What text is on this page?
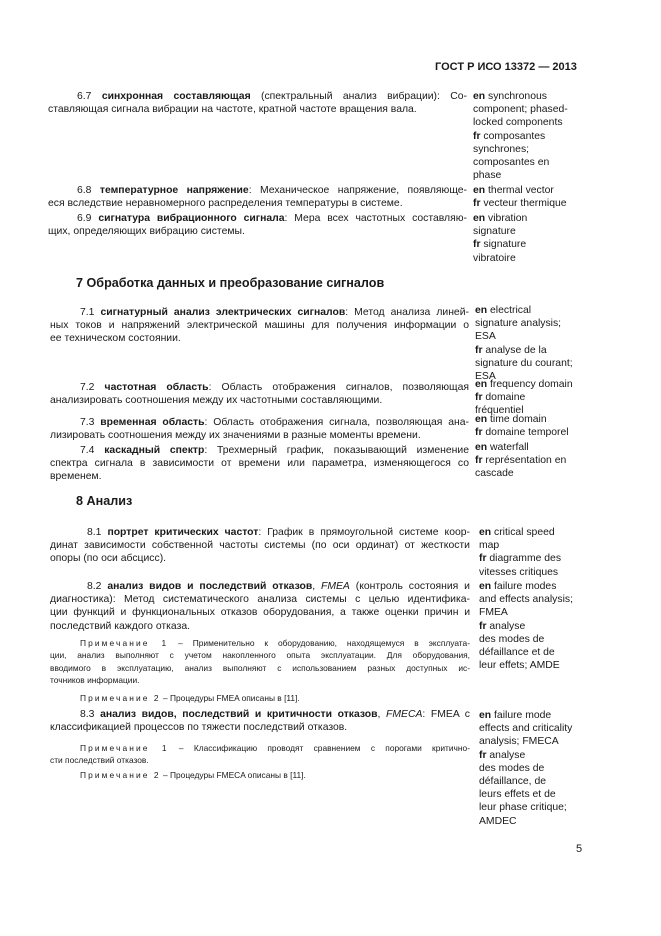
ГОСТ Р ИСО 13372 — 2013
6.7 синхронная составляющая (спектральный анализ вибрации): Со-
ставляющая сигнала вибрации на частоте, кратной частоте вращения вала.
en synchronous
component; phased-
locked components
fr composantes
synchrones;
composantes en
phase
6.8 температурное напряжение: Механическое напряжение, появляюще-
еся вследствие неравномерного распределения температуры в системе.
en thermal vector
fr vecteur thermique
6.9 сигнатура вибрационного сигнала: Мера всех частотных составляю-
щих, определяющих вибрацию системы.
en vibration
signature
fr signature
vibratoire
7 Обработка данных и преобразование сигналов
7.1 сигнатурный анализ электрических сигналов: Метод анализа линей-
ных токов и напряжений электрической машины для получения информации о
ее техническом состоянии.
en electrical
signature analysis;
ESA
fr analyse de la
signature du courant;
ESA
7.2 частотная область: Область отображения сигналов, позволяющая
анализировать соотношения между их частотными составляющими.
en frequency domain
fr domaine
fréquentiel
7.3 временная область: Область отображения сигнала, позволяющая ана-
лизировать соотношения между их значениями в разные моменты времени.
en time domain
fr domaine temporel
7.4 каскадный спектр: Трехмерный график, показывающий изменение
спектра сигнала в зависимости от времени или параметра, изменяющегося со
временем.
en waterfall
fr représentation en
cascade
8 Анализ
8.1 портрет критических частот: График в прямоугольной системе коор-
динат зависимости собственной частоты системы (по оси ординат) от жесткости
опоры (по оси абсцисс).
en critical speed
map
fr diagramme des
vitesses critiques
8.2 анализ видов и последствий отказов, FMEA (контроль состояния и
диагностика): Метод систематического анализа системы с целью идентифика-
ции функций и функциональных отказов оборудования, а также оценки причин и
последствий каждого отказа.
Примечание 1 – Применительно к оборудованию, находящемуся в эксплуата-
ции, анализ выполняют с учетом накопленного опыта эксплуатации. Для оборудования,
вводимого в эксплуатацию, анализ выполняют с использованием разных доступных ис-
точников информации.
Примечание 2 – Процедуры FMEA описаны в [11].
en failure modes
and effects analysis;
FMEA
fr analyse
des modes de
défaillance et de
leur effets; AMDE
8.3 анализ видов, последствий и критичности отказов, FMECA: FMEA с
классификацией процессов по тяжести последствий отказов.
Примечание 1 – Классификацию проводят сравнением с порогами критично-
сти последствий отказов.
Примечание 2 – Процедуры FMECA описаны в [11].
en failure mode
effects and criticality
analysis; FMECA
fr analyse
des modes de
défaillance, de
leurs effets et de
leur phase critique;
AMDEC
5
